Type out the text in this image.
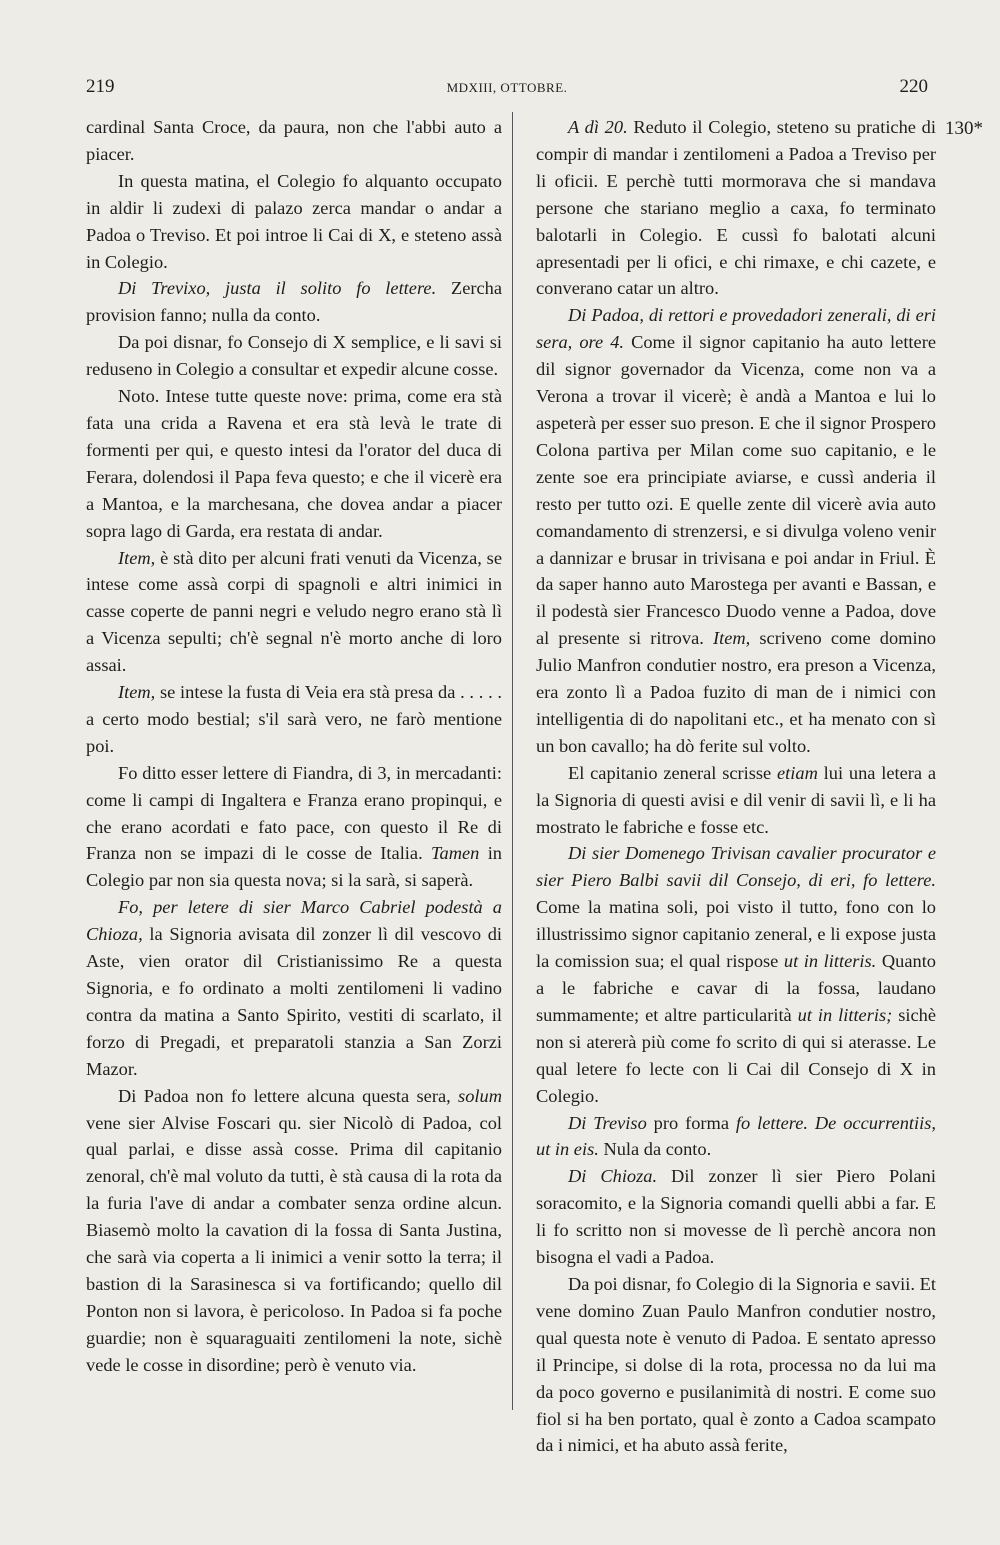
219	MDXIII, OTTOBRE.	220

cardinal Santa Croce, da paura, non che l'abbi auto a piacer.

In questa matina, el Colegio fo alquanto occupato in aldir li zudexi di palazo zerca mandar o andar a Padoa o Treviso. Et poi introe li Cai di X, e steteno assà in Colegio.

Di Trevixo, justa il solito fo lettere. Zercha provision fanno; nulla da conto.

Da poi disnar, fo Consejo di X semplice, e li savi si reduseno in Colegio a consultar et expedir alcune cosse.

Noto. Intese tutte queste nove: prima, come era stà fata una crida a Ravena et era stà levà le trate di formenti per qui, e questo intesi da l'orator del duca di Ferara, dolendosi il Papa feva questo; e che il vicerè era a Mantoa, e la marchesana, che dovea andar a piacer sopra lago di Garda, era restata di andar.

Item, è stà dito per alcuni frati venuti da Vicenza, se intese come assà corpi di spagnoli e altri inimici in casse coperte de panni negri e veludo negro erano stà lì a Vicenza sepulti; ch'è segnal n'è morto anche di loro assai.

Item, se intese la fusta di Veia era stà presa da . . . . . a certo modo bestial; s'il sarà vero, ne farò mentione poi.

Fo ditto esser lettere di Fiandra, di 3, in mercadanti: come li campi di Ingaltera e Franza erano propinqui, e che erano acordati e fato pace, con questo il Re di Franza non se impazi di le cosse de Italia. Tamen in Colegio par non sia questa nova; si la sarà, si saperà.

Fo, per letere di sier Marco Cabriel podestà a Chioza, la Signoria avisata dil zonzer lì dil vescovo di Aste, vien orator dil Cristianissimo Re a questa Signoria, e fo ordinato a molti zentilomeni li vadino contra da matina a Santo Spirito, vestiti di scarlato, il forzo di Pregadi, et preparatoli stanzia a San Zorzi Mazor.

Di Padoa non fo lettere alcuna questa sera, solum vene sier Alvise Foscari qu. sier Nicolò di Padoa, col qual parlai, e disse assà cosse. Prima dil capitanio zenoral, ch'è mal voluto da tutti, è stà causa di la rota da la furia l'ave di andar a combater senza ordine alcun. Biasemò molto la cavation di la fossa di Santa Justina, che sarà via coperta a li inimici a venir sotto la terra; il bastion di la Sarasinesca si va fortificando; quello dil Ponton non si lavora, è pericoloso. In Padoa si fa poche guardie; non è squaraguaiti zentilomeni la note, sichè vede le cosse in disordine; però è venuto via.

A dì 20. Reduto il Colegio, steteno su pratiche di compir di mandar i zentilomeni a Padoa a Treviso per li oficii. E perchè tutti mormorava che si mandava persone che stariano meglio a caxa, fo terminato balotarli in Colegio. E cussì fo balotati alcuni apresentadi per li ofici, e chi rimaxe, e chi cazete, e converano catar un altro.

Di Padoa, di rettori e provedadori zenerali, di eri sera, ore 4. Come il signor capitanio ha auto lettere dil signor governador da Vicenza, come non va a Verona a trovar il vicerè; è andà a Mantoa e lui lo aspeterà per esser suo preson. E che il signor Prospero Colona partiva per Milan come suo capitanio, e le zente soe era principiate aviarse, e cussì anderia il resto per tutto ozi. E quelle zente dil vicerè avia auto comandamento di strenzersi, e si divulga voleno venir a dannizar e brusar in trivisana e poi andar in Friul. È da saper hanno auto Marostega per avanti e Bassan, e il podestà sier Francesco Duodo venne a Padoa, dove al presente si ritrova. Item, scriveno come domino Julio Manfron condutier nostro, era preson a Vicenza, era zonto lì a Padoa fuzito di man de i nimici con intelligentia di do napolitani etc., et ha menato con sì un bon cavallo; ha dò ferite sul volto.

El capitanio zeneral scrisse etiam lui una letera a la Signoria di questi avisi e dil venir di savii lì, e li ha mostrato le fabriche e fosse etc.

Di sier Domenego Trivisan cavalier procurator e sier Piero Balbi savii dil Consejo, di eri, fo lettere. Come la matina soli, poi visto il tutto, fono con lo illustrissimo signor capitanio zeneral, e li expose justa la comission sua; el qual rispose ut in litteris. Quanto a le fabriche e cavar di la fossa, laudano summamente; et altre particularità ut in litteris; sichè non si atererà più come fo scrito di qui si aterasse. Le qual letere fo lecte con li Cai dil Consejo di X in Colegio.

Di Treviso pro forma fo lettere. De occurrentiis, ut in eis. Nula da conto.

Di Chioza. Dil zonzer lì sier Piero Polani soracomito, e la Signoria comandi quelli abbi a far. E li fo scritto non si movesse de lì perchè ancora non bisogna el vadi a Padoa.

Da poi disnar, fo Colegio di la Signoria e savii. Et vene domino Zuan Paulo Manfron condutier nostro, qual questa note è venuto di Padoa. E sentato apresso il Principe, si dolse di la rota, processa no da lui ma da poco governo e pusilanimità di nostri. E come suo fiol si ha ben portato, qual è zonto a Cadoa scampato da i nimici, et ha abuto assà ferite,

130*
